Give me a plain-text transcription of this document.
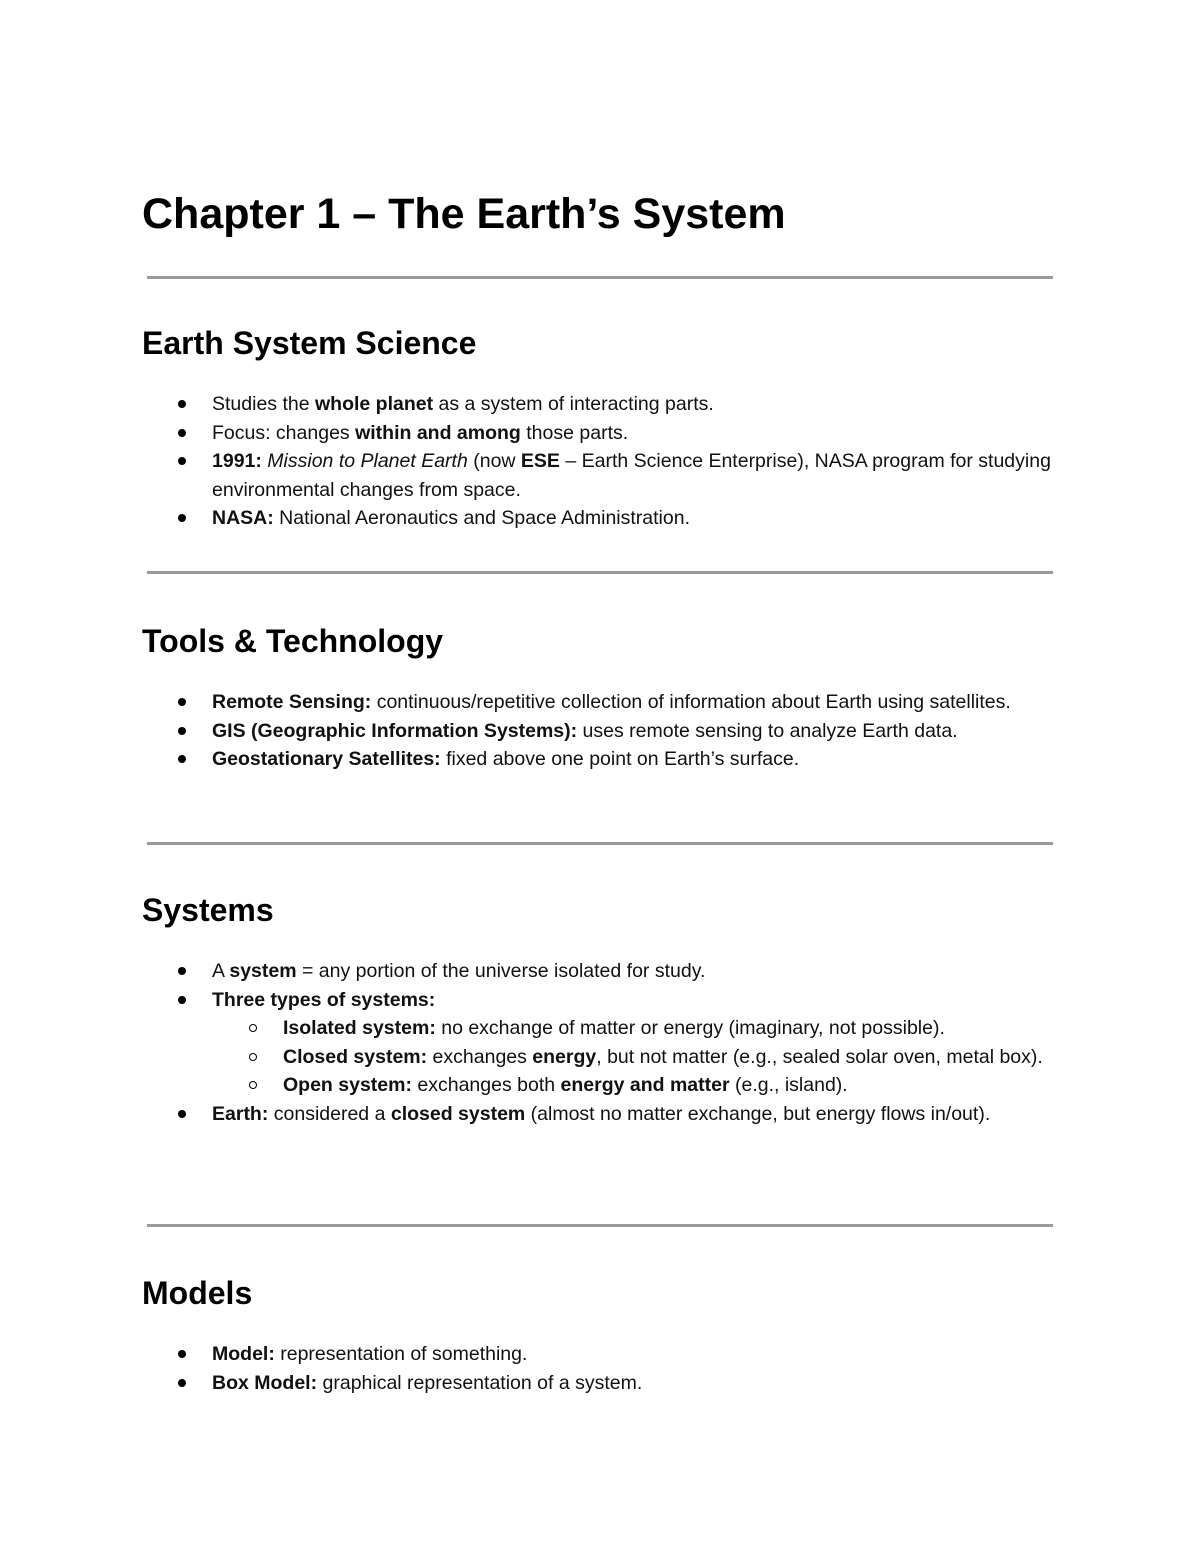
Chapter 1 – The Earth’s System
Earth System Science
Studies the whole planet as a system of interacting parts.
Focus: changes within and among those parts.
1991: Mission to Planet Earth (now ESE – Earth Science Enterprise), NASA program for studying environmental changes from space.
NASA: National Aeronautics and Space Administration.
Tools & Technology
Remote Sensing: continuous/repetitive collection of information about Earth using satellites.
GIS (Geographic Information Systems): uses remote sensing to analyze Earth data.
Geostationary Satellites: fixed above one point on Earth’s surface.
Systems
A system = any portion of the universe isolated for study.
Three types of systems:
Isolated system: no exchange of matter or energy (imaginary, not possible).
Closed system: exchanges energy, but not matter (e.g., sealed solar oven, metal box).
Open system: exchanges both energy and matter (e.g., island).
Earth: considered a closed system (almost no matter exchange, but energy flows in/out).
Models
Model: representation of something.
Box Model: graphical representation of a system.
